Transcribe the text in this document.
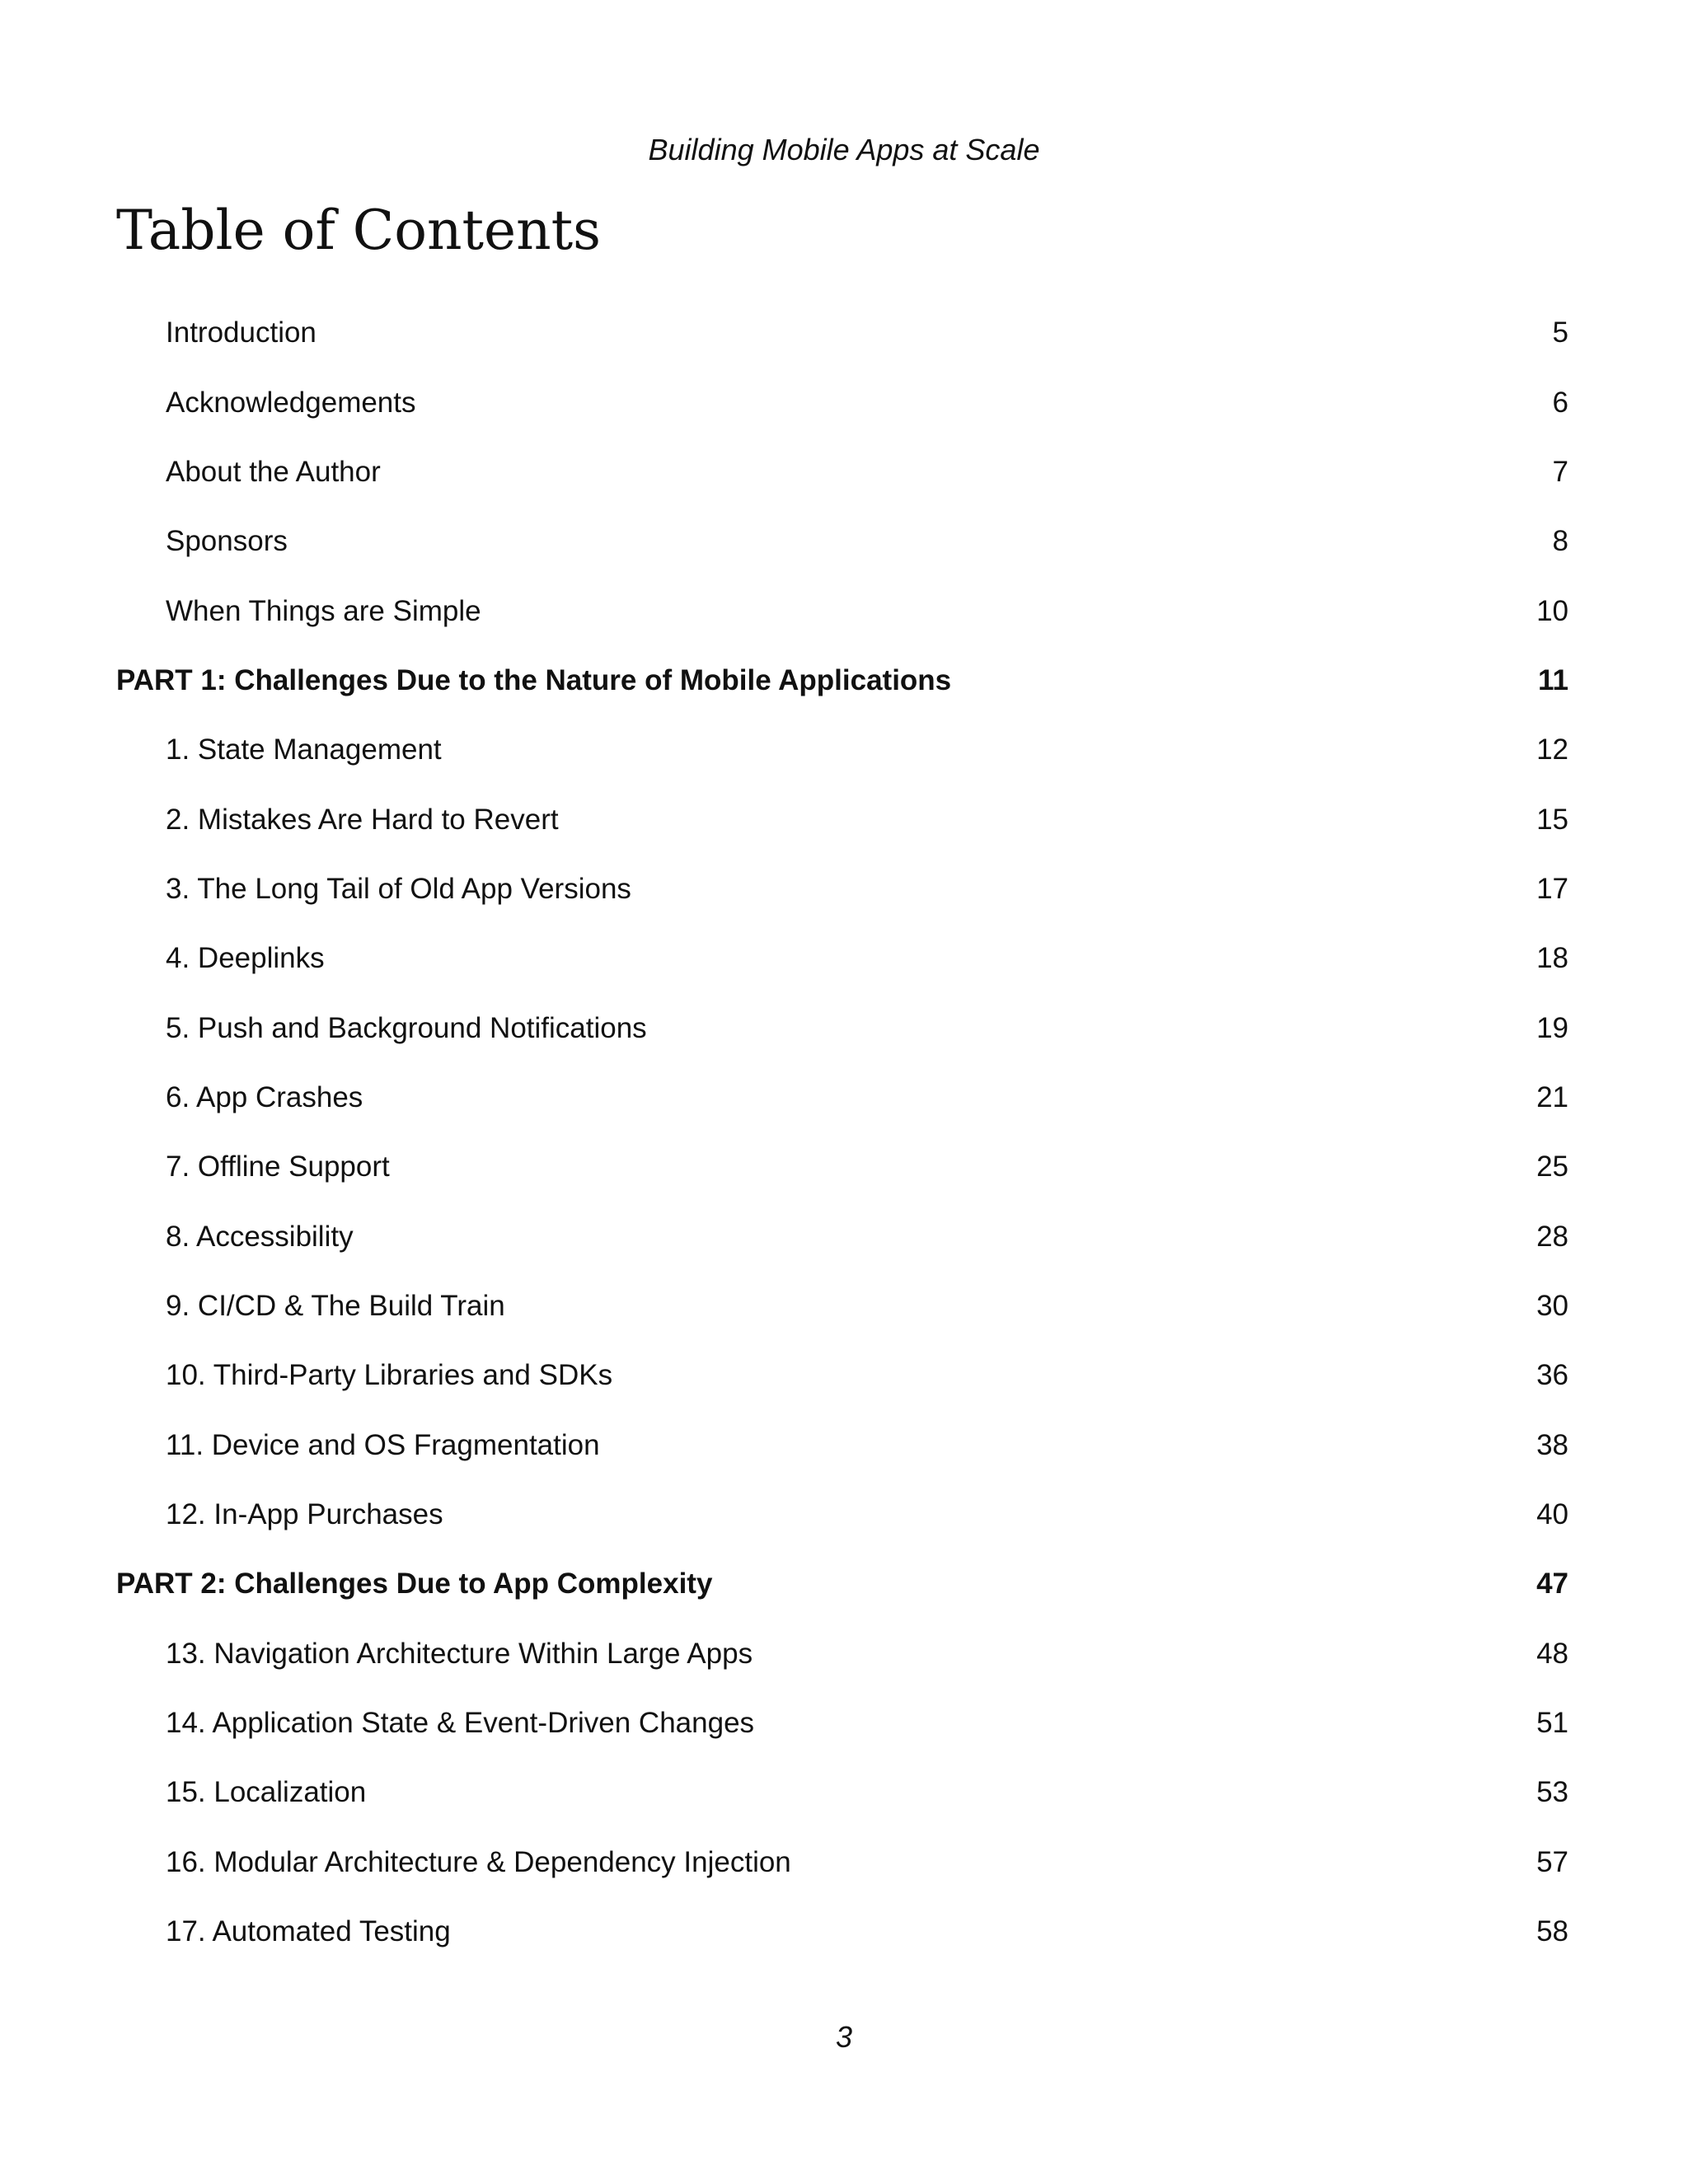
Building Mobile Apps at Scale
Table of Contents
Introduction	5
Acknowledgements	6
About the Author	7
Sponsors	8
When Things are Simple	10
PART 1: Challenges Due to the Nature of Mobile Applications	11
1. State Management	12
2. Mistakes Are Hard to Revert	15
3. The Long Tail of Old App Versions	17
4. Deeplinks	18
5. Push and Background Notifications	19
6. App Crashes	21
7. Offline Support	25
8. Accessibility	28
9. CI/CD & The Build Train	30
10. Third-Party Libraries and SDKs	36
11. Device and OS Fragmentation	38
12. In-App Purchases	40
PART 2: Challenges Due to App Complexity	47
13. Navigation Architecture Within Large Apps	48
14. Application State & Event-Driven Changes	51
15. Localization	53
16. Modular Architecture & Dependency Injection	57
17. Automated Testing	58
3
